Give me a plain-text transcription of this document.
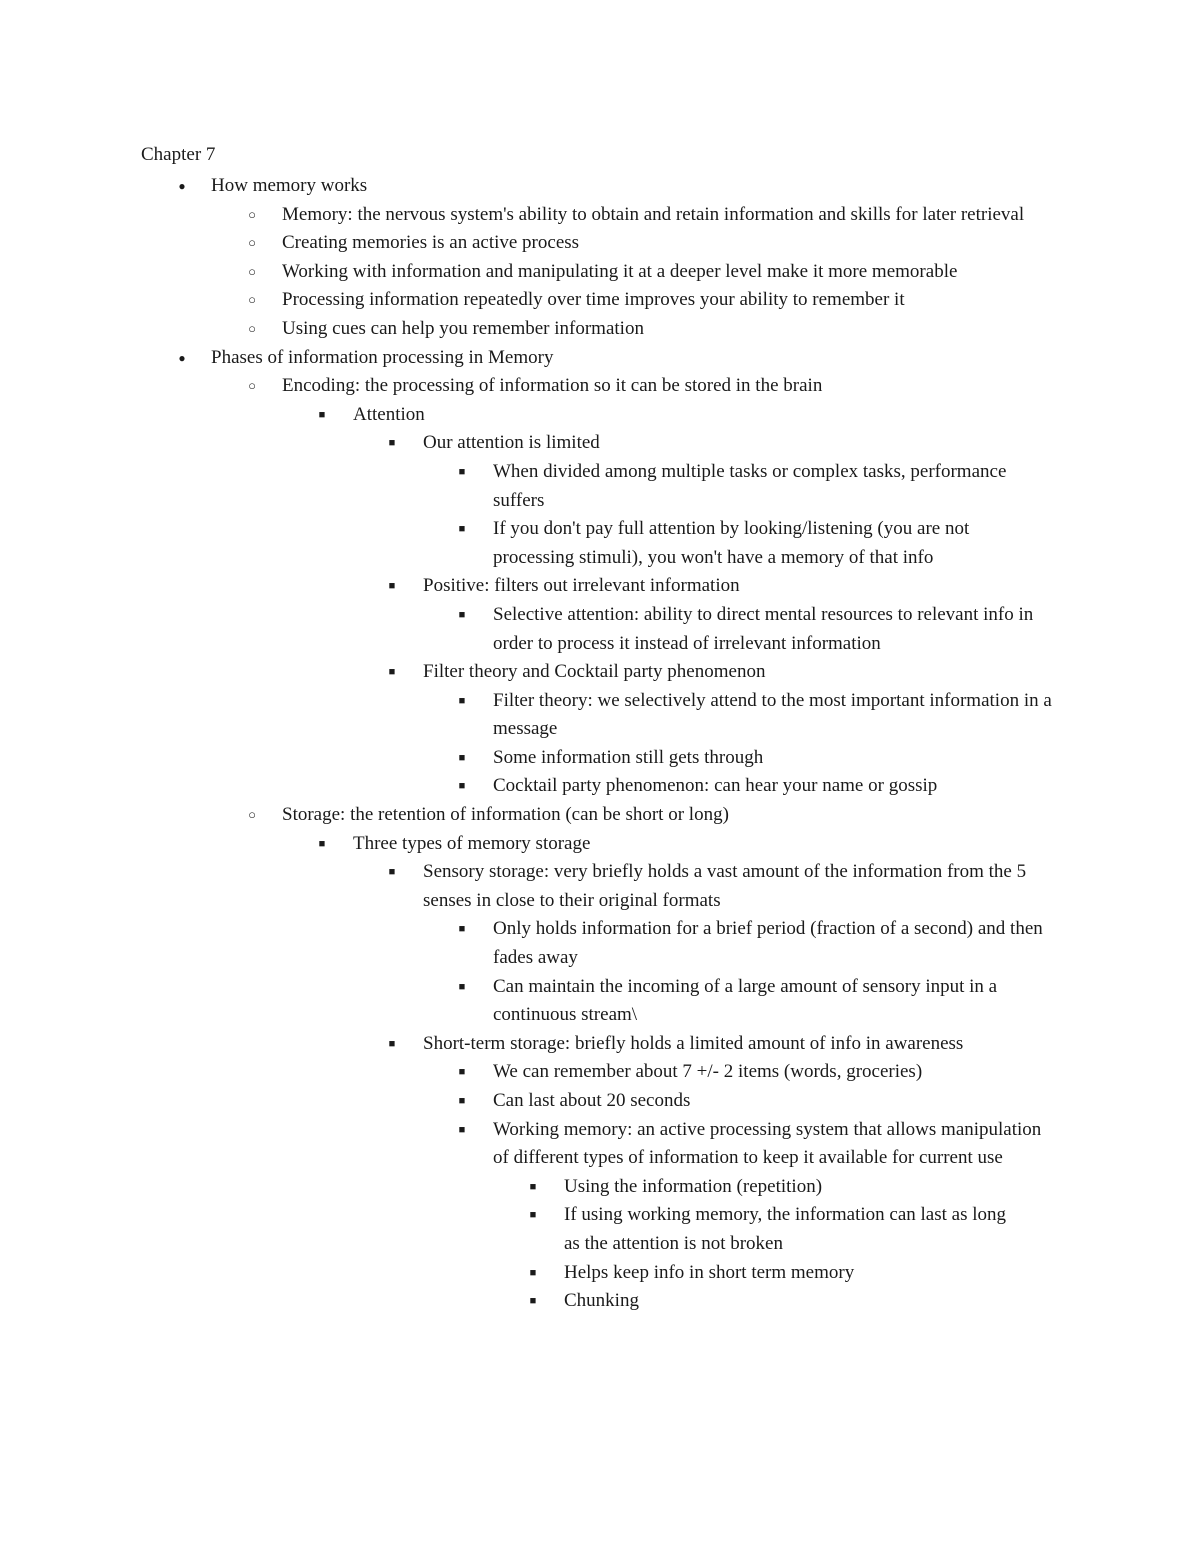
Chapter 7
● How memory works
○ Memory: the nervous system's ability to obtain and retain information and skills for later retrieval
○ Creating memories is an active process
○ Working with information and manipulating it at a deeper level make it more memorable
○ Processing information repeatedly over time improves your ability to remember it
○ Using cues can help you remember information
● Phases of information processing in Memory
○ Encoding: the processing of information so it can be stored in the brain
■ Attention
■ Our attention is limited
■ When divided among multiple tasks or complex tasks, performance suffers
■ If you don't pay full attention by looking/listening (you are not processing stimuli), you won't have a memory of that info
■ Positive: filters out irrelevant information
■ Selective attention: ability to direct mental resources to relevant info in order to process it instead of irrelevant information
■ Filter theory and Cocktail party phenomenon
■ Filter theory: we selectively attend to the most important information in a message
■ Some information still gets through
■ Cocktail party phenomenon: can hear your name or gossip
○ Storage: the retention of information (can be short or long)
■ Three types of memory storage
■ Sensory storage: very briefly holds a vast amount of the information from the 5 senses in close to their original formats
■ Only holds information for a brief period (fraction of a second) and then fades away
■ Can maintain the incoming of a large amount of sensory input in a continuous stream\
■ Short-term storage: briefly holds a limited amount of info in awareness
■ We can remember about 7 +/- 2 items (words, groceries)
■ Can last about 20 seconds
■ Working memory: an active processing system that allows manipulation of different types of information to keep it available for current use
■ Using the information (repetition)
■ If using working memory, the information can last as long as the attention is not broken
■ Helps keep info in short term memory
■ Chunking
